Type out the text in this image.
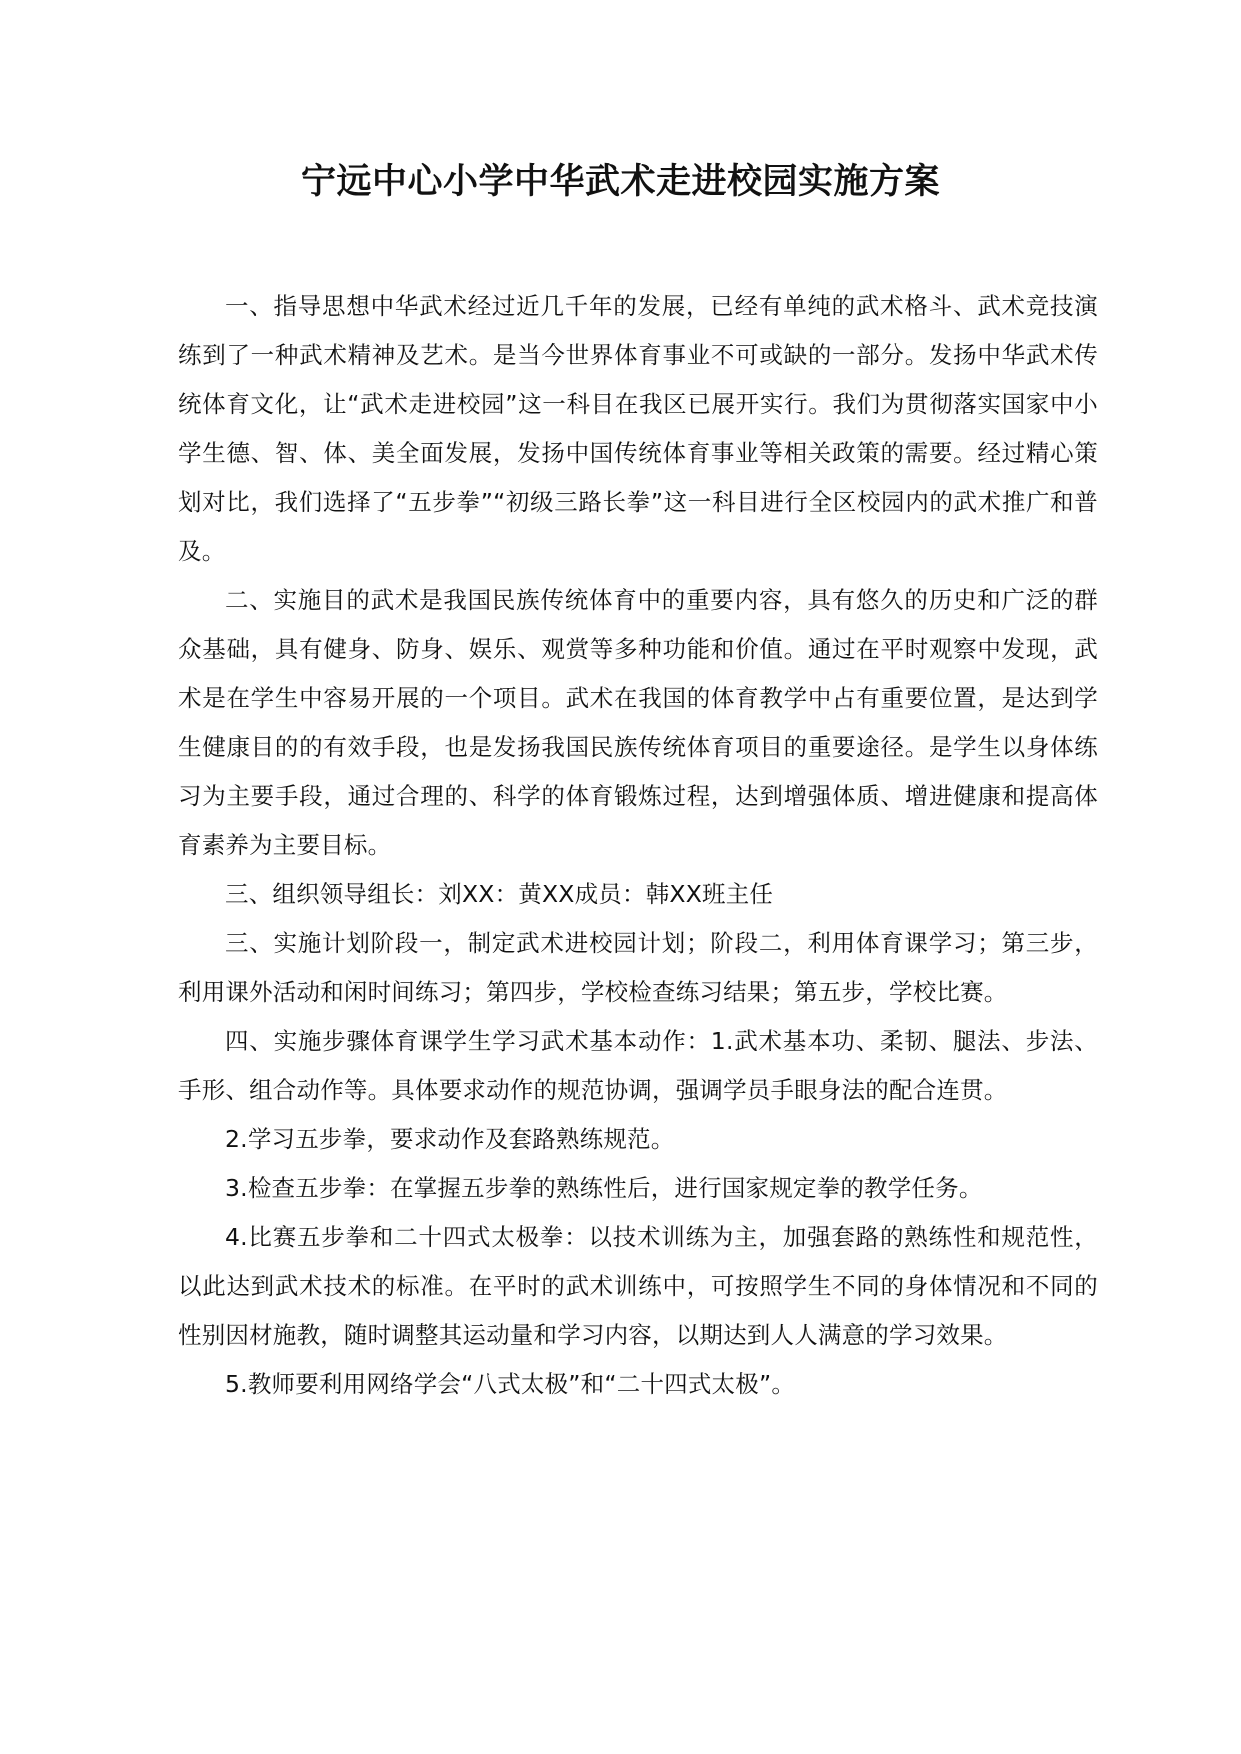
宁远中心小学中华武术走进校园实施方案

一、指导思想中华武术经过近几千年的发展，已经有单纯的武术格斗、武术竞技演练到了一种武术精神及艺术。是当今世界体育事业不可或缺的一部分。发扬中华武术传统体育文化，让“武术走进校园”这一科目在我区已展开实行。我们为贯彻落实国家中小学生德、智、体、美全面发展，发扬中国传统体育事业等相关政策的需要。经过精心策划对比，我们选择了“五步拳”“初级三路长拳”这一科目进行全区校园内的武术推广和普及。

二、实施目的武术是我国民族传统体育中的重要内容，具有悠久的历史和广泛的群众基础，具有健身、防身、娱乐、观赏等多种功能和价值。通过在平时观察中发现，武术是在学生中容易开展的一个项目。武术在我国的体育教学中占有重要位置，是达到学生健康目的的有效手段，也是发扬我国民族传统体育项目的重要途径。是学生以身体练习为主要手段，通过合理的、科学的体育锻炼过程，达到增强体质、增进健康和提高体育素养为主要目标。

三、组织领导组长：刘XX：黄XX成员：韩XX班主任

三、实施计划阶段一，制定武术进校园计划；阶段二，利用体育课学习；第三步，利用课外活动和闲时间练习；第四步，学校检查练习结果；第五步，学校比赛。

四、实施步骤体育课学生学习武术基本动作：1.武术基本功、柔韧、腿法、步法、手形、组合动作等。具体要求动作的规范协调，强调学员手眼身法的配合连贯。

2.学习五步拳，要求动作及套路熟练规范。

3.检查五步拳：在掌握五步拳的熟练性后，进行国家规定拳的教学任务。

4.比赛五步拳和二十四式太极拳：以技术训练为主，加强套路的熟练性和规范性，以此达到武术技术的标准。在平时的武术训练中，可按照学生不同的身体情况和不同的性别因材施教，随时调整其运动量和学习内容，以期达到人人满意的学习效果。

5.教师要利用网络学会“八式太极”和“二十四式太极”。
